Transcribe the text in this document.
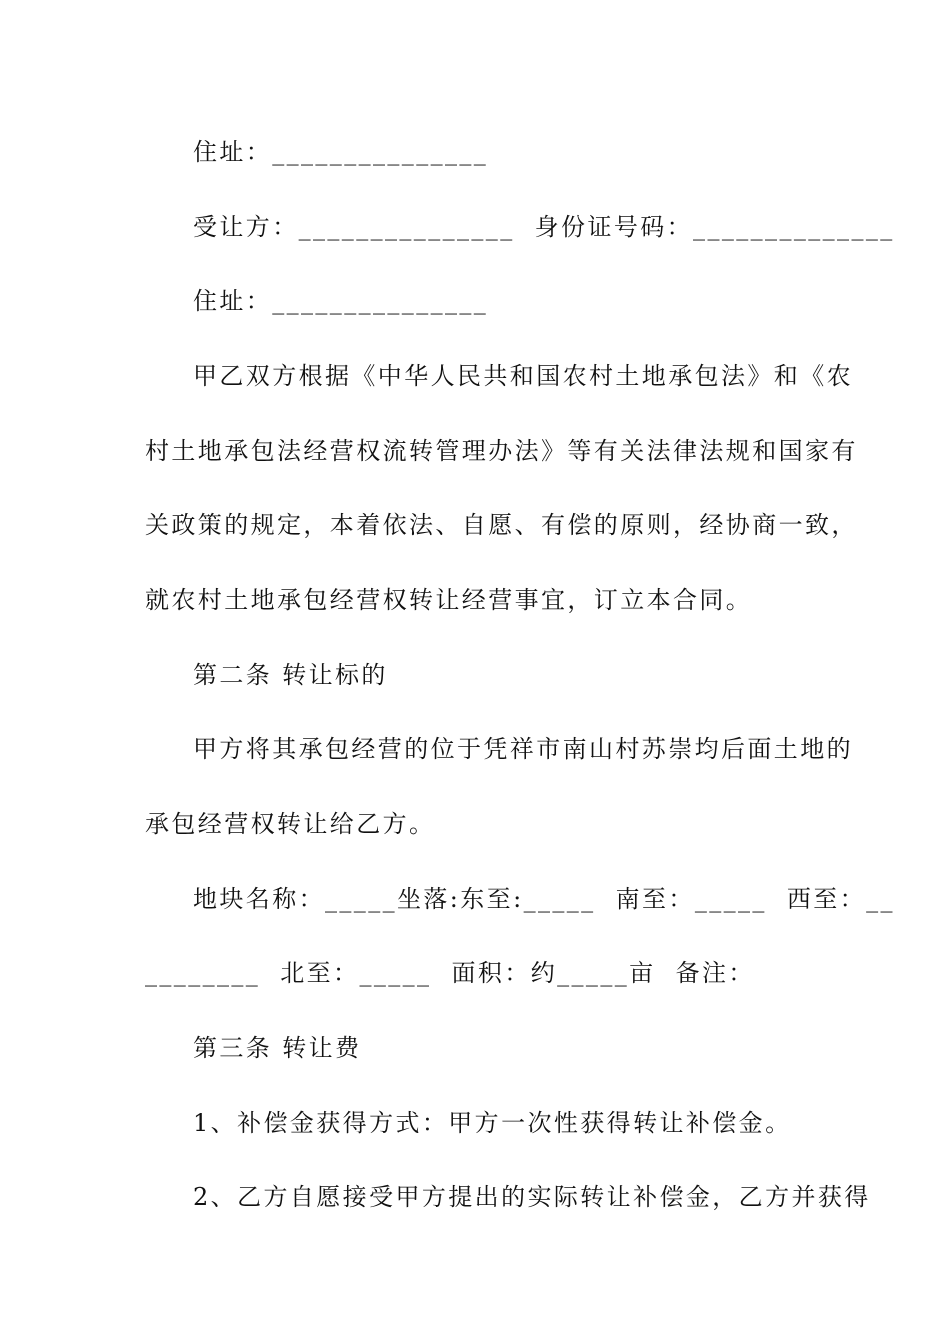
住址：_______________
受让方：_______________  身份证号码：______________
住址：_______________
甲乙双方根据《中华人民共和国农村土地承包法》和《农
村土地承包法经营权流转管理办法》等有关法律法规和国家有
关政策的规定，本着依法、自愿、有偿的原则，经协商一致，
就农村土地承包经营权转让经营事宜，订立本合同。
第二条 转让标的
甲方将其承包经营的位于凭祥市南山村苏崇均后面土地的
承包经营权转让给乙方。
地块名称：_____坐落:东至:_____  南至：_____  西至：__
________  北至：_____  面积：约_____亩  备注：
第三条 转让费
1、补偿金获得方式：甲方一次性获得转让补偿金。
2、乙方自愿接受甲方提出的实际转让补偿金，乙方并获得
